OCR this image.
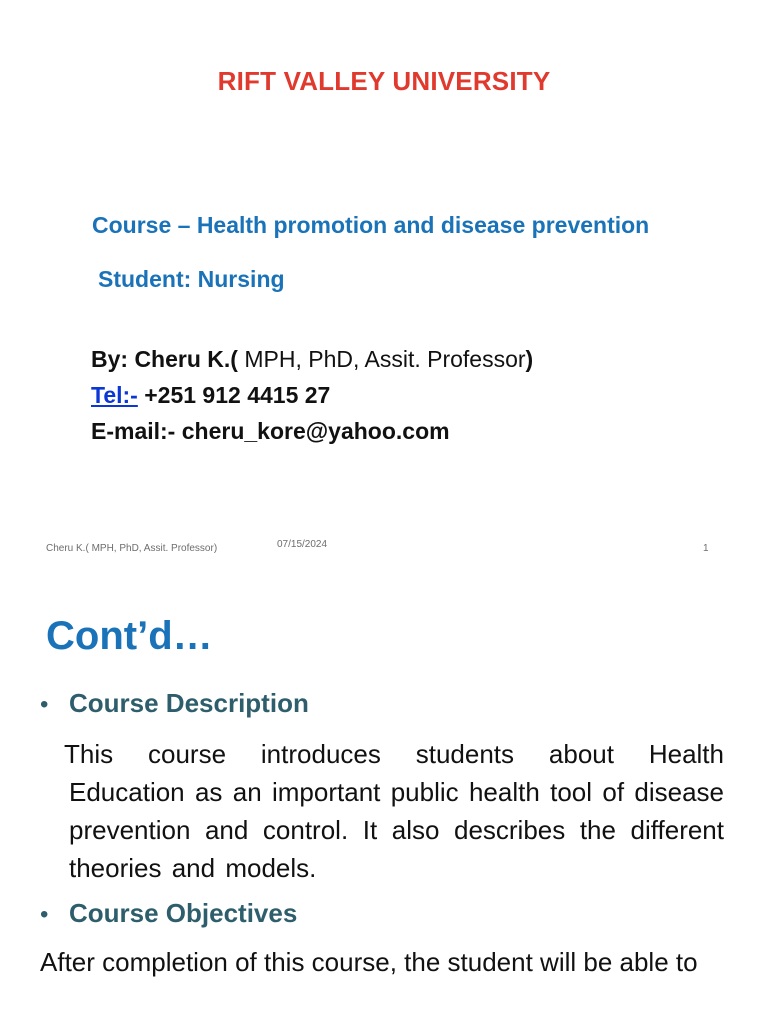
RIFT VALLEY UNIVERSITY
Course – Health promotion and disease prevention
Student: Nursing
By: Cheru K.( MPH, PhD, Assit. Professor)
Tel:- +251 912 4415 27
E-mail:- cheru_kore@yahoo.com
Cheru K.( MPH, PhD, Assit. Professor)	07/15/2024	1
Cont’d…
• Course Description
This course introduces students about Health Education as an important public health tool of disease prevention and control. It also describes the different theories and models.
• Course Objectives
After completion of this course, the student will be able to
